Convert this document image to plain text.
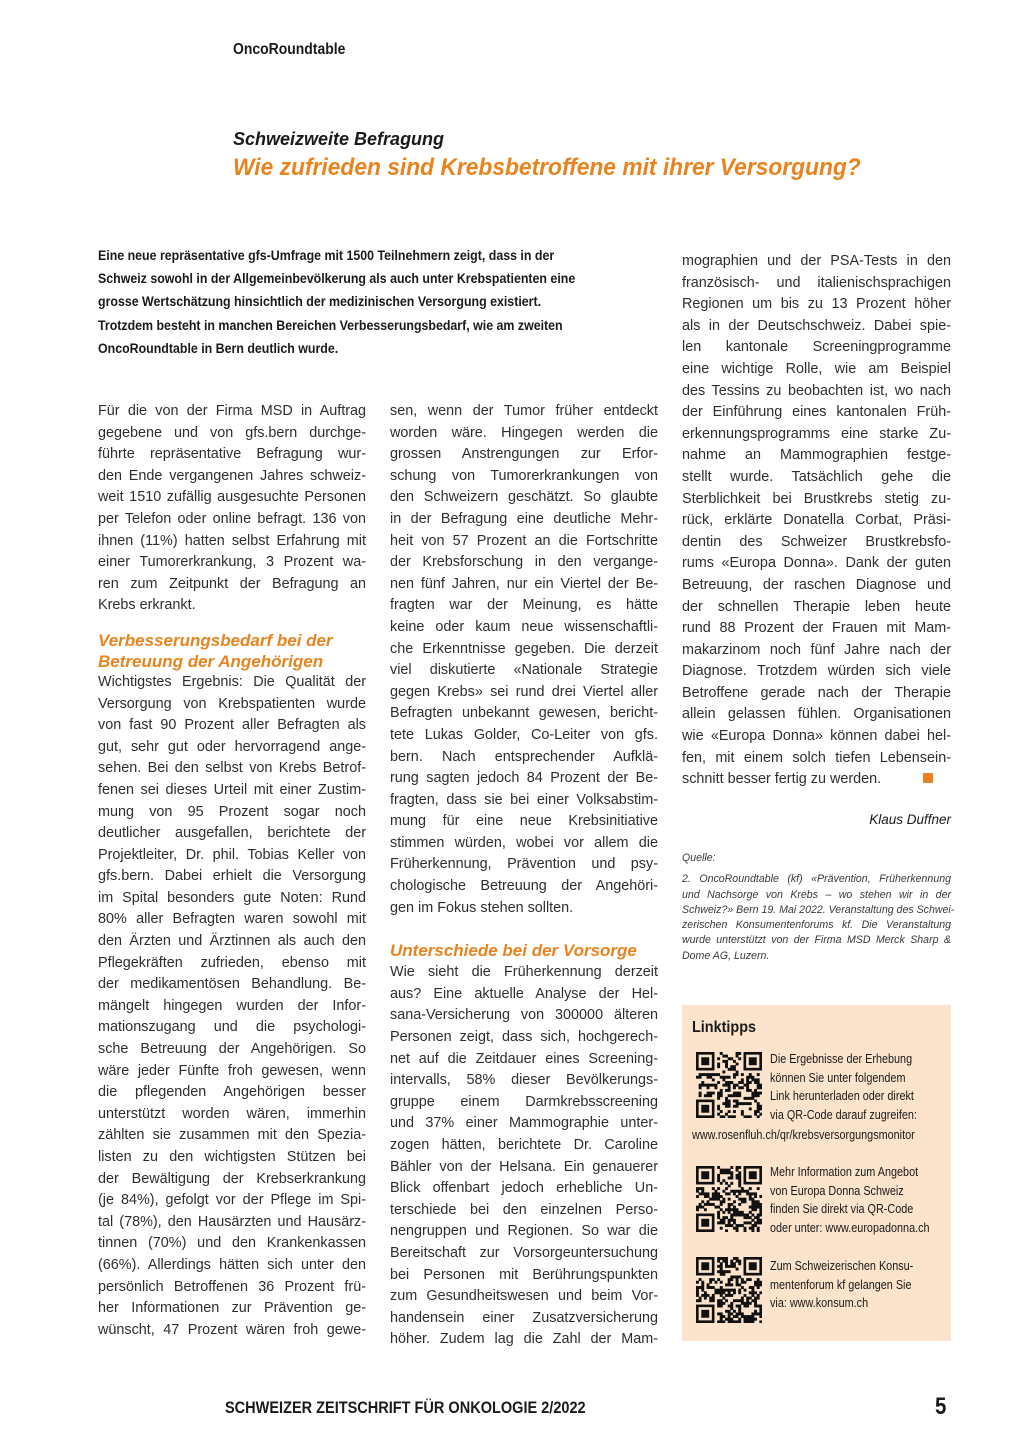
OncoRoundtable
Schweizweite Befragung
Wie zufrieden sind Krebsbetroffene mit ihrer Versorgung?

Eine neue repräsentative gfs-Umfrage mit 1500 Teilnehmern zeigt, dass in der

Schweiz sowohl in der Allgemeinbevölkerung als auch unter Krebspatienten eine

grosse Wertschätzung hinsichtlich der medizinischen Versorgung existiert.

Trotzdem besteht in manchen Bereichen Verbesserungsbedarf, wie am zweiten

OncoRoundtable in Bern deutlich wurde.

Für die von der Firma MSD in Auftrag

gegebene und von gfs.bern durchge-

führte repräsentative Befragung wur-

den Ende vergangenen Jahres schweiz-

weit 1510 zufällig ausgesuchte Personen

per Telefon oder online befragt. 136 von

ihnen (11%) hatten selbst Erfahrung mit

einer Tumorerkrankung, 3 Prozent wa-

ren zum Zeitpunkt der Befragung an

Krebs erkrankt.

Verbesserungsbedarf bei der
Betreuung der Angehörigen

Wichtigstes Ergebnis: Die Qualität der

Versorgung von Krebspatienten wurde

von fast 90 Prozent aller Befragten als

gut, sehr gut oder hervorragend ange-

sehen. Bei den selbst von Krebs Betrof-

fenen sei dieses Urteil mit einer Zustim-

mung von 95 Prozent sogar noch

deutlicher ausgefallen, berichtete der

Projektleiter, Dr. phil. Tobias Keller von

gfs.bern. Dabei erhielt die Versorgung

im Spital besonders gute Noten: Rund

80% aller Befragten waren sowohl mit

den Ärzten und Ärztinnen als auch den

Pflegekräften zufrieden, ebenso mit

der medikamentösen Behandlung. Be-

mängelt hingegen wurden der Infor-

mationszugang und die psychologi-

sche Betreuung der Angehörigen. So

wäre jeder Fünfte froh gewesen, wenn

die pflegenden Angehörigen besser

unterstützt worden wären, immerhin

zählten sie zusammen mit den Spezia-

listen zu den wichtigsten Stützen bei

der Bewältigung der Krebserkrankung

(je 84%), gefolgt vor der Pflege im Spi-

tal (78%), den Hausärzten und Hausärz-

tinnen (70%) und den Krankenkassen

(66%). Allerdings hätten sich unter den

persönlich Betroffenen 36 Prozent frü-

her Informationen zur Prävention ge-

wünscht, 47 Prozent wären froh gewe-

sen, wenn der Tumor früher entdeckt

worden wäre. Hingegen werden die

grossen Anstrengungen zur Erfor-

schung von Tumorerkrankungen von

den Schweizern geschätzt. So glaubte

in der Befragung eine deutliche Mehr-

heit von 57 Prozent an die Fortschritte

der Krebsforschung in den vergange-

nen fünf Jahren, nur ein Viertel der Be-

fragten war der Meinung, es hätte

keine oder kaum neue wissenschaftli-

che Erkenntnisse gegeben. Die derzeit

viel diskutierte «Nationale Strategie

gegen Krebs» sei rund drei Viertel aller

Befragten unbekannt gewesen, bericht-

tete Lukas Golder, Co-Leiter von gfs.

bern. Nach entsprechender Aufklä-

rung sagten jedoch 84 Prozent der Be-

fragten, dass sie bei einer Volksabstim-

mung für eine neue Krebsinitiative

stimmen würden, wobei vor allem die

Früherkennung, Prävention und psy-

chologische Betreuung der Angehöri-

gen im Fokus stehen sollten.

Unterschiede bei der Vorsorge

Wie sieht die Früherkennung derzeit

aus? Eine aktuelle Analyse der Hel-

sana-Versicherung von 300000 älteren

Personen zeigt, dass sich, hochgerech-

net auf die Zeitdauer eines Screening-

intervalls, 58% dieser Bevölkerungs-

gruppe einem Darmkrebsscreening

und 37% einer Mammographie unter-

zogen hätten, berichtete Dr. Caroline

Bähler von der Helsana. Ein genauerer

Blick offenbart jedoch erhebliche Un-

terschiede bei den einzelnen Perso-

nengruppen und Regionen. So war die

Bereitschaft zur Vorsorgeuntersuchung

bei Personen mit Berührungspunkten

zum Gesundheitswesen und beim Vor-

handensein einer Zusatzversicherung

höher. Zudem lag die Zahl der Mam-

mographien und der PSA-Tests in den

französisch- und italienischsprachigen

Regionen um bis zu 13 Prozent höher

als in der Deutschschweiz. Dabei spie-

len kantonale Screeningprogramme

eine wichtige Rolle, wie am Beispiel

des Tessins zu beobachten ist, wo nach

der Einführung eines kantonalen Früh-

erkennungsprogramms eine starke Zu-

nahme an Mammographien festge-

stellt wurde. Tatsächlich gehe die

Sterblichkeit bei Brustkrebs stetig zu-

rück, erklärte Donatella Corbat, Präsi-

dentin des Schweizer Brustkrebsfo-

rums «Europa Donna». Dank der guten

Betreuung, der raschen Diagnose und

der schnellen Therapie leben heute

rund 88 Prozent der Frauen mit Mam-

makarzinom noch fünf Jahre nach der

Diagnose. Trotzdem würden sich viele

Betroffene gerade nach der Therapie

allein gelassen fühlen. Organisationen

wie «Europa Donna» können dabei hel-

fen, mit einem solch tiefen Lebensein-

schnitt besser fertig zu werden.

Klaus Duffner

Quelle:

2. OncoRoundtable (kf) «Prävention, Früherkennung

und Nachsorge von Krebs – wo stehen wir in der

Schweiz?» Bern 19. Mai 2022. Veranstaltung des Schwei-

zerischen Konsumentenforums kf. Die Veranstaltung

wurde unterstützt von der Firma MSD Merck Sharp &

Dome AG, Luzern.

Linktipps

Die Ergebnisse der Erhebung

können Sie unter folgendem

Link herunterladen oder direkt

via QR-Code darauf zugreifen:

www.rosenfluh.ch/qr/krebsversorgungsmonitor

Mehr Information zum Angebot

von Europa Donna Schweiz

finden Sie direkt via QR-Code

oder unter: www.europadonna.ch

Zum Schweizerischen Konsu-

mentenforum kf gelangen Sie

via: www.konsum.ch

SCHWEIZER ZEITSCHRIFT FÜR ONKOLOGIE 2/2022	5
